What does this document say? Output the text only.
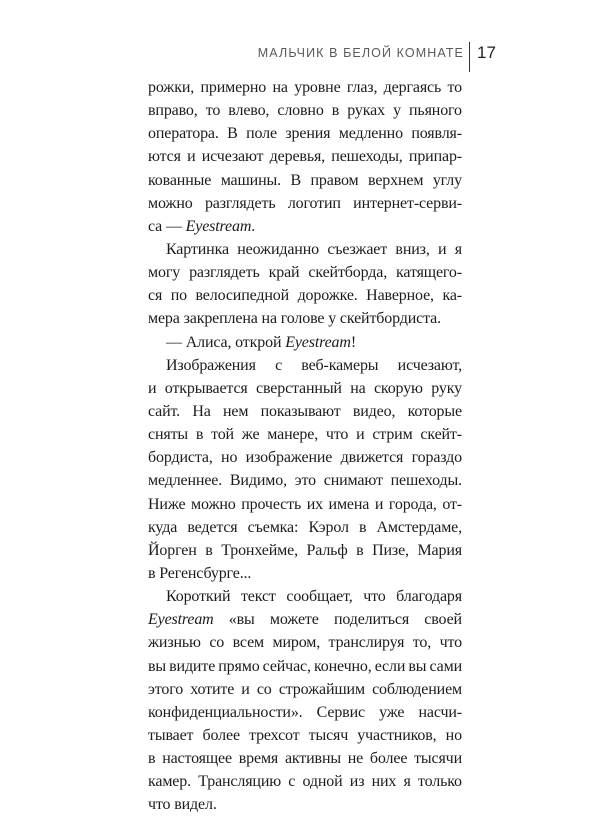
МАЛЬЧИК В БЕЛОЙ КОМНАТЕ 17
рожки, примерно на уровне глаз, дергаясь то
вправо, то влево, словно в руках у пьяного
оператора. В поле зрения медленно появля-
ются и исчезают деревья, пешеходы, припар-
кованные машины. В правом верхнем углу
можно разглядеть логотип интернет-серви-
са — Eyestream.
Картинка неожиданно съезжает вниз, и я
могу разглядеть край скейтборда, катящего-
ся по велосипедной дорожке. Наверное, ка-
мера закреплена на голове у скейтбордиста.
— Алиса, открой Eyestream!
Изображения с веб-камеры исчезают,
и открывается сверстанный на скорую руку
сайт. На нем показывают видео, которые
сняты в той же манере, что и стрим скейт-
бордиста, но изображение движется гораздо
медленнее. Видимо, это снимают пешеходы.
Ниже можно прочесть их имена и города, от-
куда ведется съемка: Кэрол в Амстердаме,
Йорген в Тронхейме, Ральф в Пизе, Мария
в Регенсбурге...
Короткий текст сообщает, что благодаря
Eyestream «вы можете поделиться своей
жизнью со всем миром, транслируя то, что
вы видите прямо сейчас, конечно, если вы сами
этого хотите и со строжайшим соблюдением
конфиденциальности». Сервис уже насчи-
тывает более трехсот тысяч участников, но
в настоящее время активны не более тысячи
камер. Трансляцию с одной из них я только
что видел.
